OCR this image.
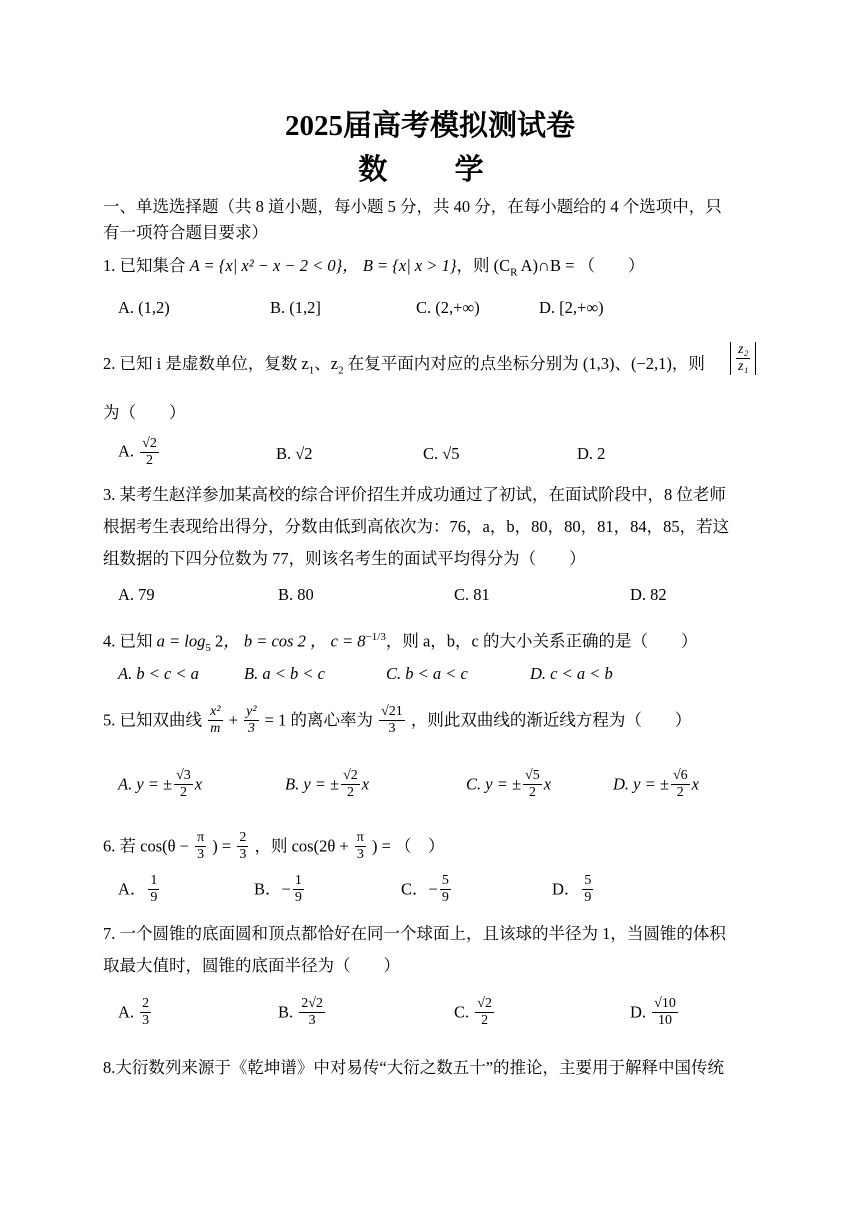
2025届高考模拟测试卷
数 学
一、单选选择题（共 8 道小题，每小题 5 分，共 40 分，在每小题给的 4 个选项中，只
有一项符合题目要求）
1. 已知集合 A = {x| x² − x − 2 < 0}， B = {x| x > 1}，则 ($C_R$ A)∩B = （　　）
A. (1,2)	B. (1,2]	C. (2,+∞)	D. [2,+∞)
2. 已知 i 是虚数单位，复数 $z_1$、$z_2$ 在复平面内对应的点坐标分别为 (1,3)、(−2,1)，则 $\frac{\text{z₂}}{\text{z₁}}$
为（　　）
A. $\frac{√2}{2}$	B. √2	C. √5	D. 2
3. 某考生赵洋参加某高校的综合评价招生并成功通过了初试，在面试阶段中，8 位老师
根据考生表现给出得分，分数由低到高依次为：76，a，b，80，80，81，84，85，若这
组数据的下四分位数为 77，则该名考生的面试平均得分为（　　）
A. 79	B. 80	C. 81	D. 82
4. 已知 $a = \log_5 2$， b = cos 2 ， $c = 8^{-1/3}$，则 a，b，c 的大小关系正确的是（　　）
A. b < c < a	B. a < b < c	C. b < a < c	D. c < a < b
5. 已知双曲线 $\frac{\text{x²}}{m} + \frac{\text{y²}}{3} = 1$ 的离心率为 $\frac{√21}{3}$ ，则此双曲线的渐近线方程为（　　）
A. y = ± $\frac{√3}{2}$ x	B. y = ± $\frac{√2}{2}$ x	C. y = ± $\frac{√5}{2}$ x	D. y = ± $\frac{√6}{2}$ x
6. 若 $\cos(\theta - \frac{\pi}{3}$ ) = $\frac{2}{3}$ ，则 $\cos(2\theta + \frac{\pi}{3}$ ) = （　）
A． $\frac{1}{9}$	B．− $\frac{1}{9}$	C．− $\frac{5}{9}$	D． $\frac{5}{9}$
7. 一个圆锥的底面圆和顶点都恰好在同一个球面上，且该球的半径为 1，当圆锥的体积
取最大值时，圆锥的底面半径为（　　）
A. $\frac{2}{3}$	B. $\frac{2√2}{3}$	C. $\frac{√2}{2}$	D. $\frac{√10}{10}$
8.大衍数列来源于《乾坤谱》中对易传“大衍之数五十”的推论，主要用于解释中国传统
